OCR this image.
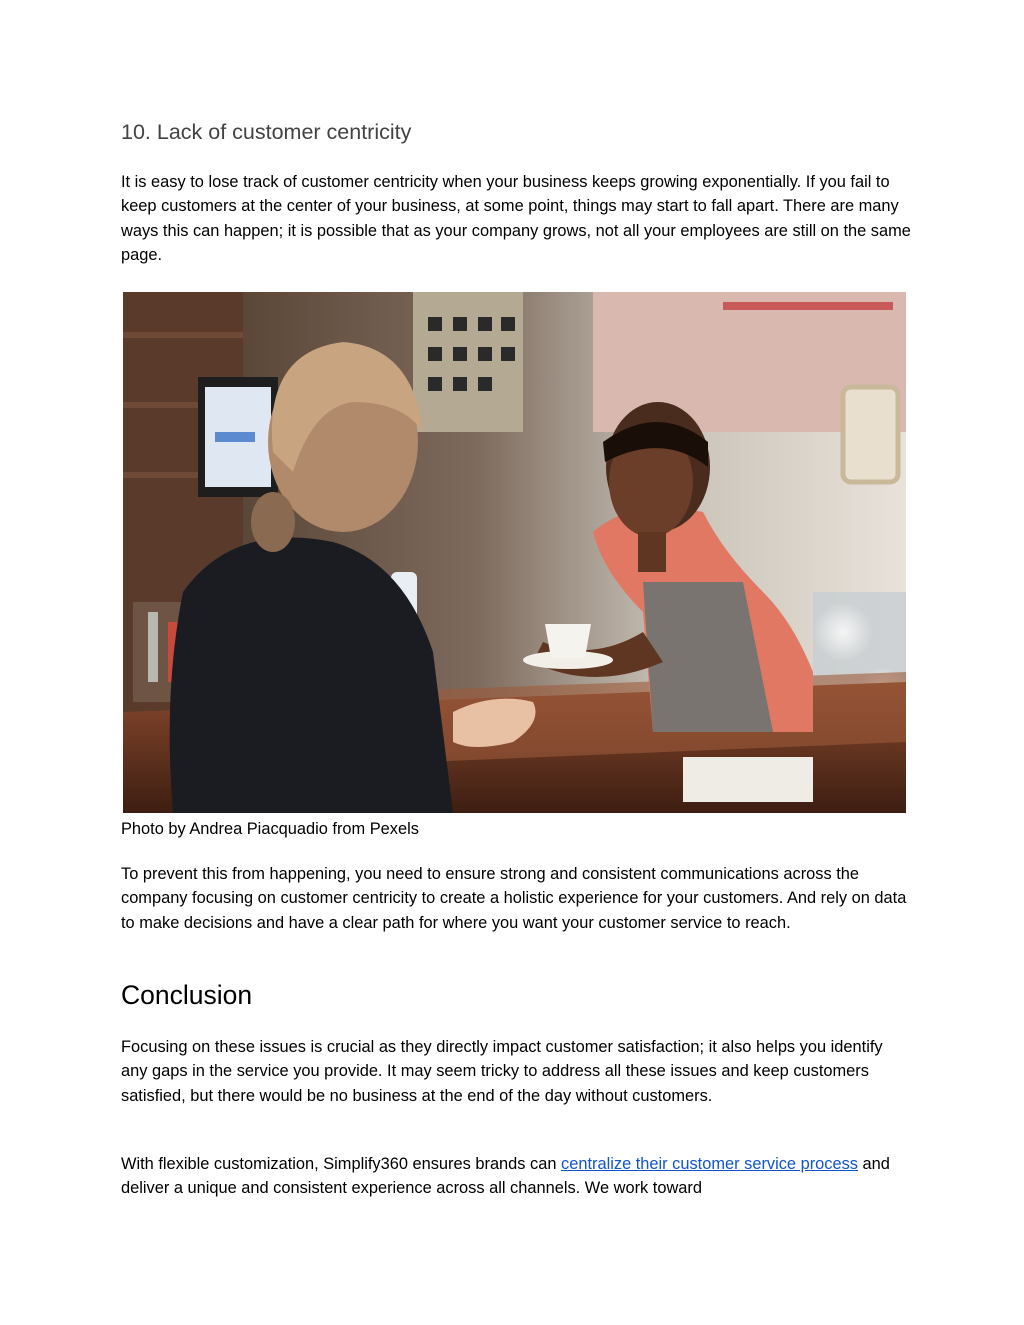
10. Lack of customer centricity

It is easy to lose track of customer centricity when your business keeps growing exponentially. If you fail to keep customers at the center of your business, at some point, things may start to fall apart. There are many ways this can happen; it is possible that as your company grows, not all your employees are still on the same page.

Photo by Andrea Piacquadio from Pexels

To prevent this from happening, you need to ensure strong and consistent communications across the company focusing on customer centricity to create a holistic experience for your customers. And rely on data to make decisions and have a clear path for where you want your customer service to reach.

Conclusion

Focusing on these issues is crucial as they directly impact customer satisfaction; it also helps you identify any gaps in the service you provide. It may seem tricky to address all these issues and keep customers satisfied, but there would be no business at the end of the day without customers.

With flexible customization, Simplify360 ensures brands can centralize their customer service process and deliver a unique and consistent experience across all channels. We work toward
